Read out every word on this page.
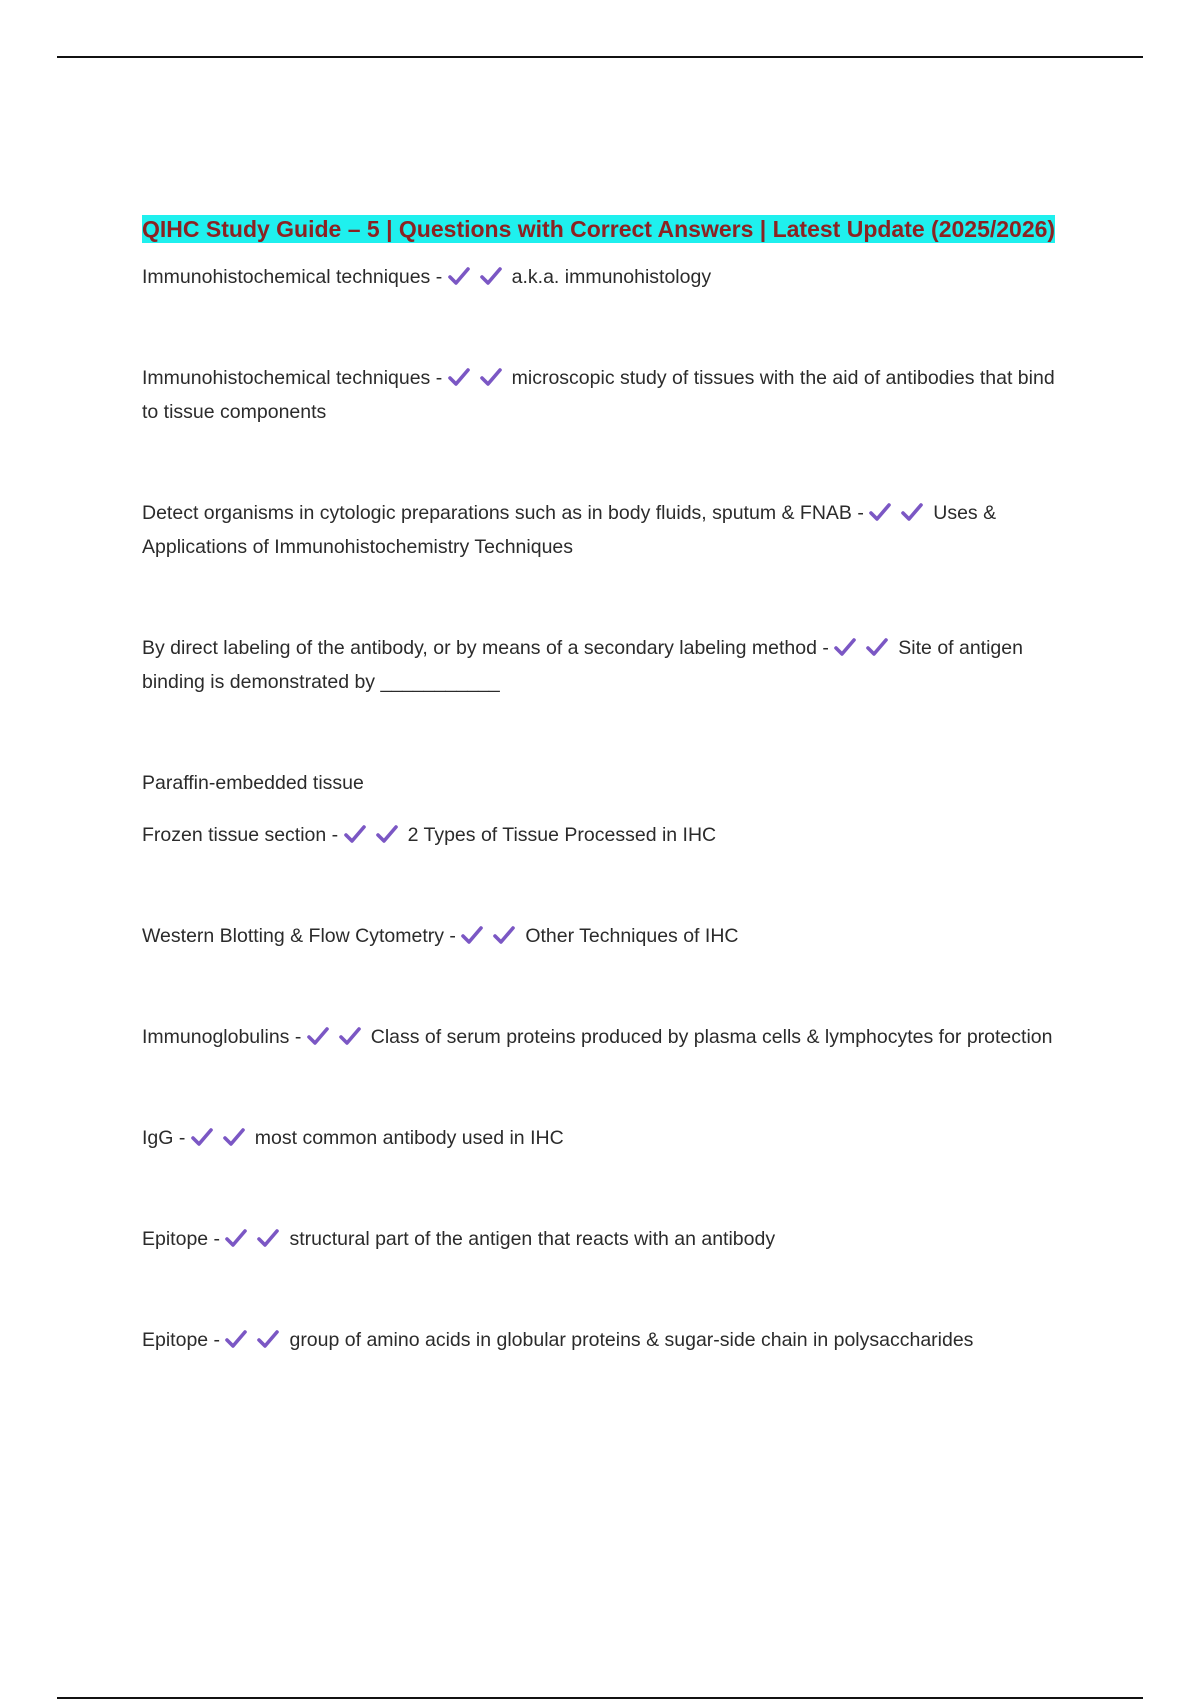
QIHC Study Guide – 5 | Questions with Correct Answers | Latest Update (2025/2026)

Immunohistochemical techniques -	a.k.a. immunohistology

Immunohistochemical techniques -	microscopic study of tissues with the aid of antibodies that bind to tissue components

Detect organisms in cytologic preparations such as in body fluids, sputum & FNAB -	Uses & Applications of Immunohistochemistry Techniques

By direct labeling of the antibody, or by means of a secondary labeling method -	Site of antigen binding is demonstrated by ___________

Paraffin-embedded tissue

Frozen tissue section -	2 Types of Tissue Processed in IHC

Western Blotting & Flow Cytometry -	Other Techniques of IHC

Immunoglobulins -	Class of serum proteins produced by plasma cells & lymphocytes for protection

IgG -	most common antibody used in IHC

Epitope -	structural part of the antigen that reacts with an antibody

Epitope -	group of amino acids in globular proteins & sugar-side chain in polysaccharides
